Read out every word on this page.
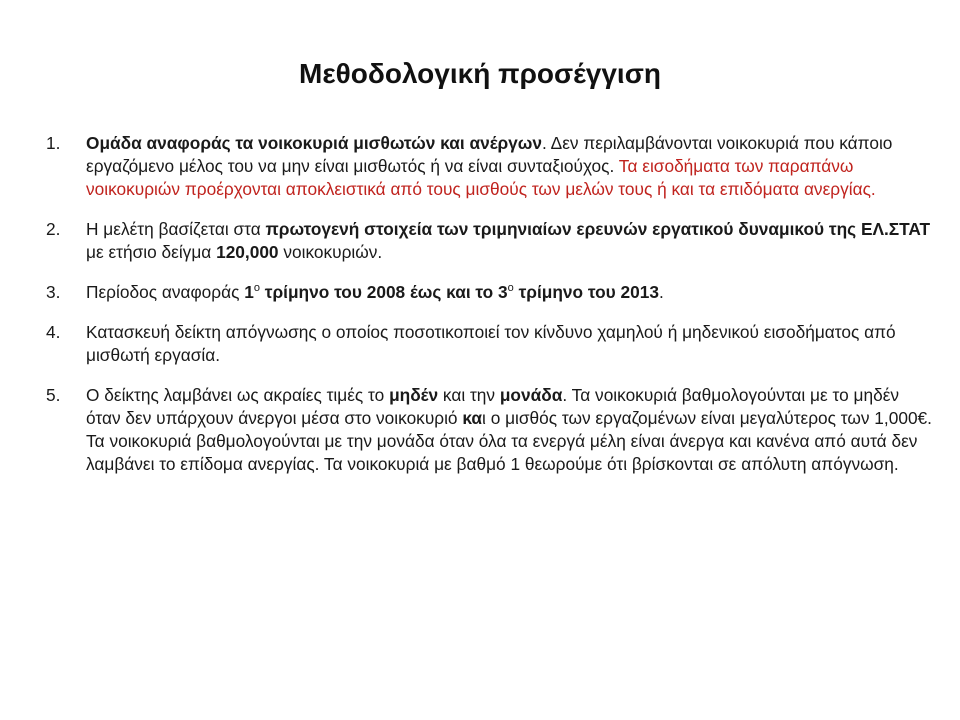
Μεθοδολογική προσέγγιση
1.	Ομάδα αναφοράς τα νοικοκυριά μισθωτών και ανέργων. Δεν περιλαμβάνονται νοικοκυριά που κάποιο εργαζόμενο μέλος του να μην είναι μισθωτός ή να είναι συνταξιούχος. Τα εισοδήματα των παραπάνω νοικοκυριών προέρχονται αποκλειστικά από τους μισθούς των μελών τους ή και τα επιδόματα ανεργίας.
2.	Η μελέτη βασίζεται στα πρωτογενή στοιχεία των τριμηνιαίων ερευνών εργατικού δυναμικού της ΕΛ.ΣΤΑΤ με ετήσιο δείγμα 120,000 νοικοκυριών.
3.	Περίοδος αναφοράς $1^o$ τρίμηνο του 2008 έως και το $3^o$ τρίμηνο του 2013.
4.	Κατασκευή δείκτη απόγνωσης ο οποίος ποσοτικοποιεί τον κίνδυνο χαμηλού ή μηδενικού εισοδήματος από μισθωτή εργασία.
5.	Ο δείκτης λαμβάνει ως ακραίες τιμές το μηδέν και την μονάδα. Τα νοικοκυριά βαθμολογούνται με το μηδέν όταν δεν υπάρχουν άνεργοι μέσα στο νοικοκυριό και ο μισθός των εργαζομένων είναι μεγαλύτερος των 1,000€. Τα νοικοκυριά βαθμολογούνται με την μονάδα όταν όλα τα ενεργά μέλη είναι άνεργα και κανένα από αυτά δεν λαμβάνει το επίδομα ανεργίας. Τα νοικοκυριά με βαθμό 1 θεωρούμε ότι βρίσκονται σε απόλυτη απόγνωση.
